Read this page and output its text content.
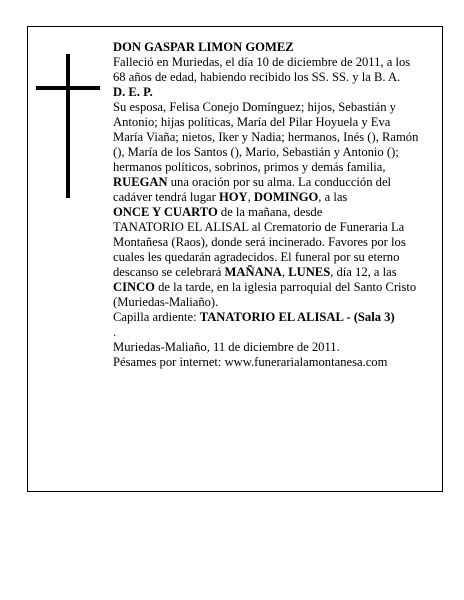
DON GASPAR LIMON GOMEZ

Falleció en Muriedas, el día 10 de diciembre de 2011, a los 68 años de edad, habiendo recibido los SS. SS. y la B. A.

D. E. P.

Su esposa, Felisa Conejo Domínguez; hijos, Sebastián y Antonio; hijas políticas, María del Pilar Hoyuela y Eva María Viaña; nietos, Iker y Nadia; hermanos, Inés (), Ramón (), María de los Santos (), Mario, Sebastián y Antonio (); hermanos políticos, sobrinos, primos y demás familia,

RUEGAN una oración por su alma. La conducción del cadáver tendrá lugar HOY, DOMINGO, a las
ONCE Y CUARTO de la mañana, desde
TANATORIO EL ALISAL al Crematorio de Funeraria La Montañesa (Raos), donde será incinerado. Favores por los cuales les quedarán agradecidos. El funeral por su eterno descanso se celebrará MAÑANA, LUNES, día 12, a las CINCO de la tarde, en la iglesia parroquial del Santo Cristo (Muriedas-Maliaño).

Capilla ardiente: TANATORIO EL ALISAL - (Sala 3)

.

Muriedas-Maliaño, 11 de diciembre de 2011.

Pésames por internet: www.funerarialamontanesa.com
